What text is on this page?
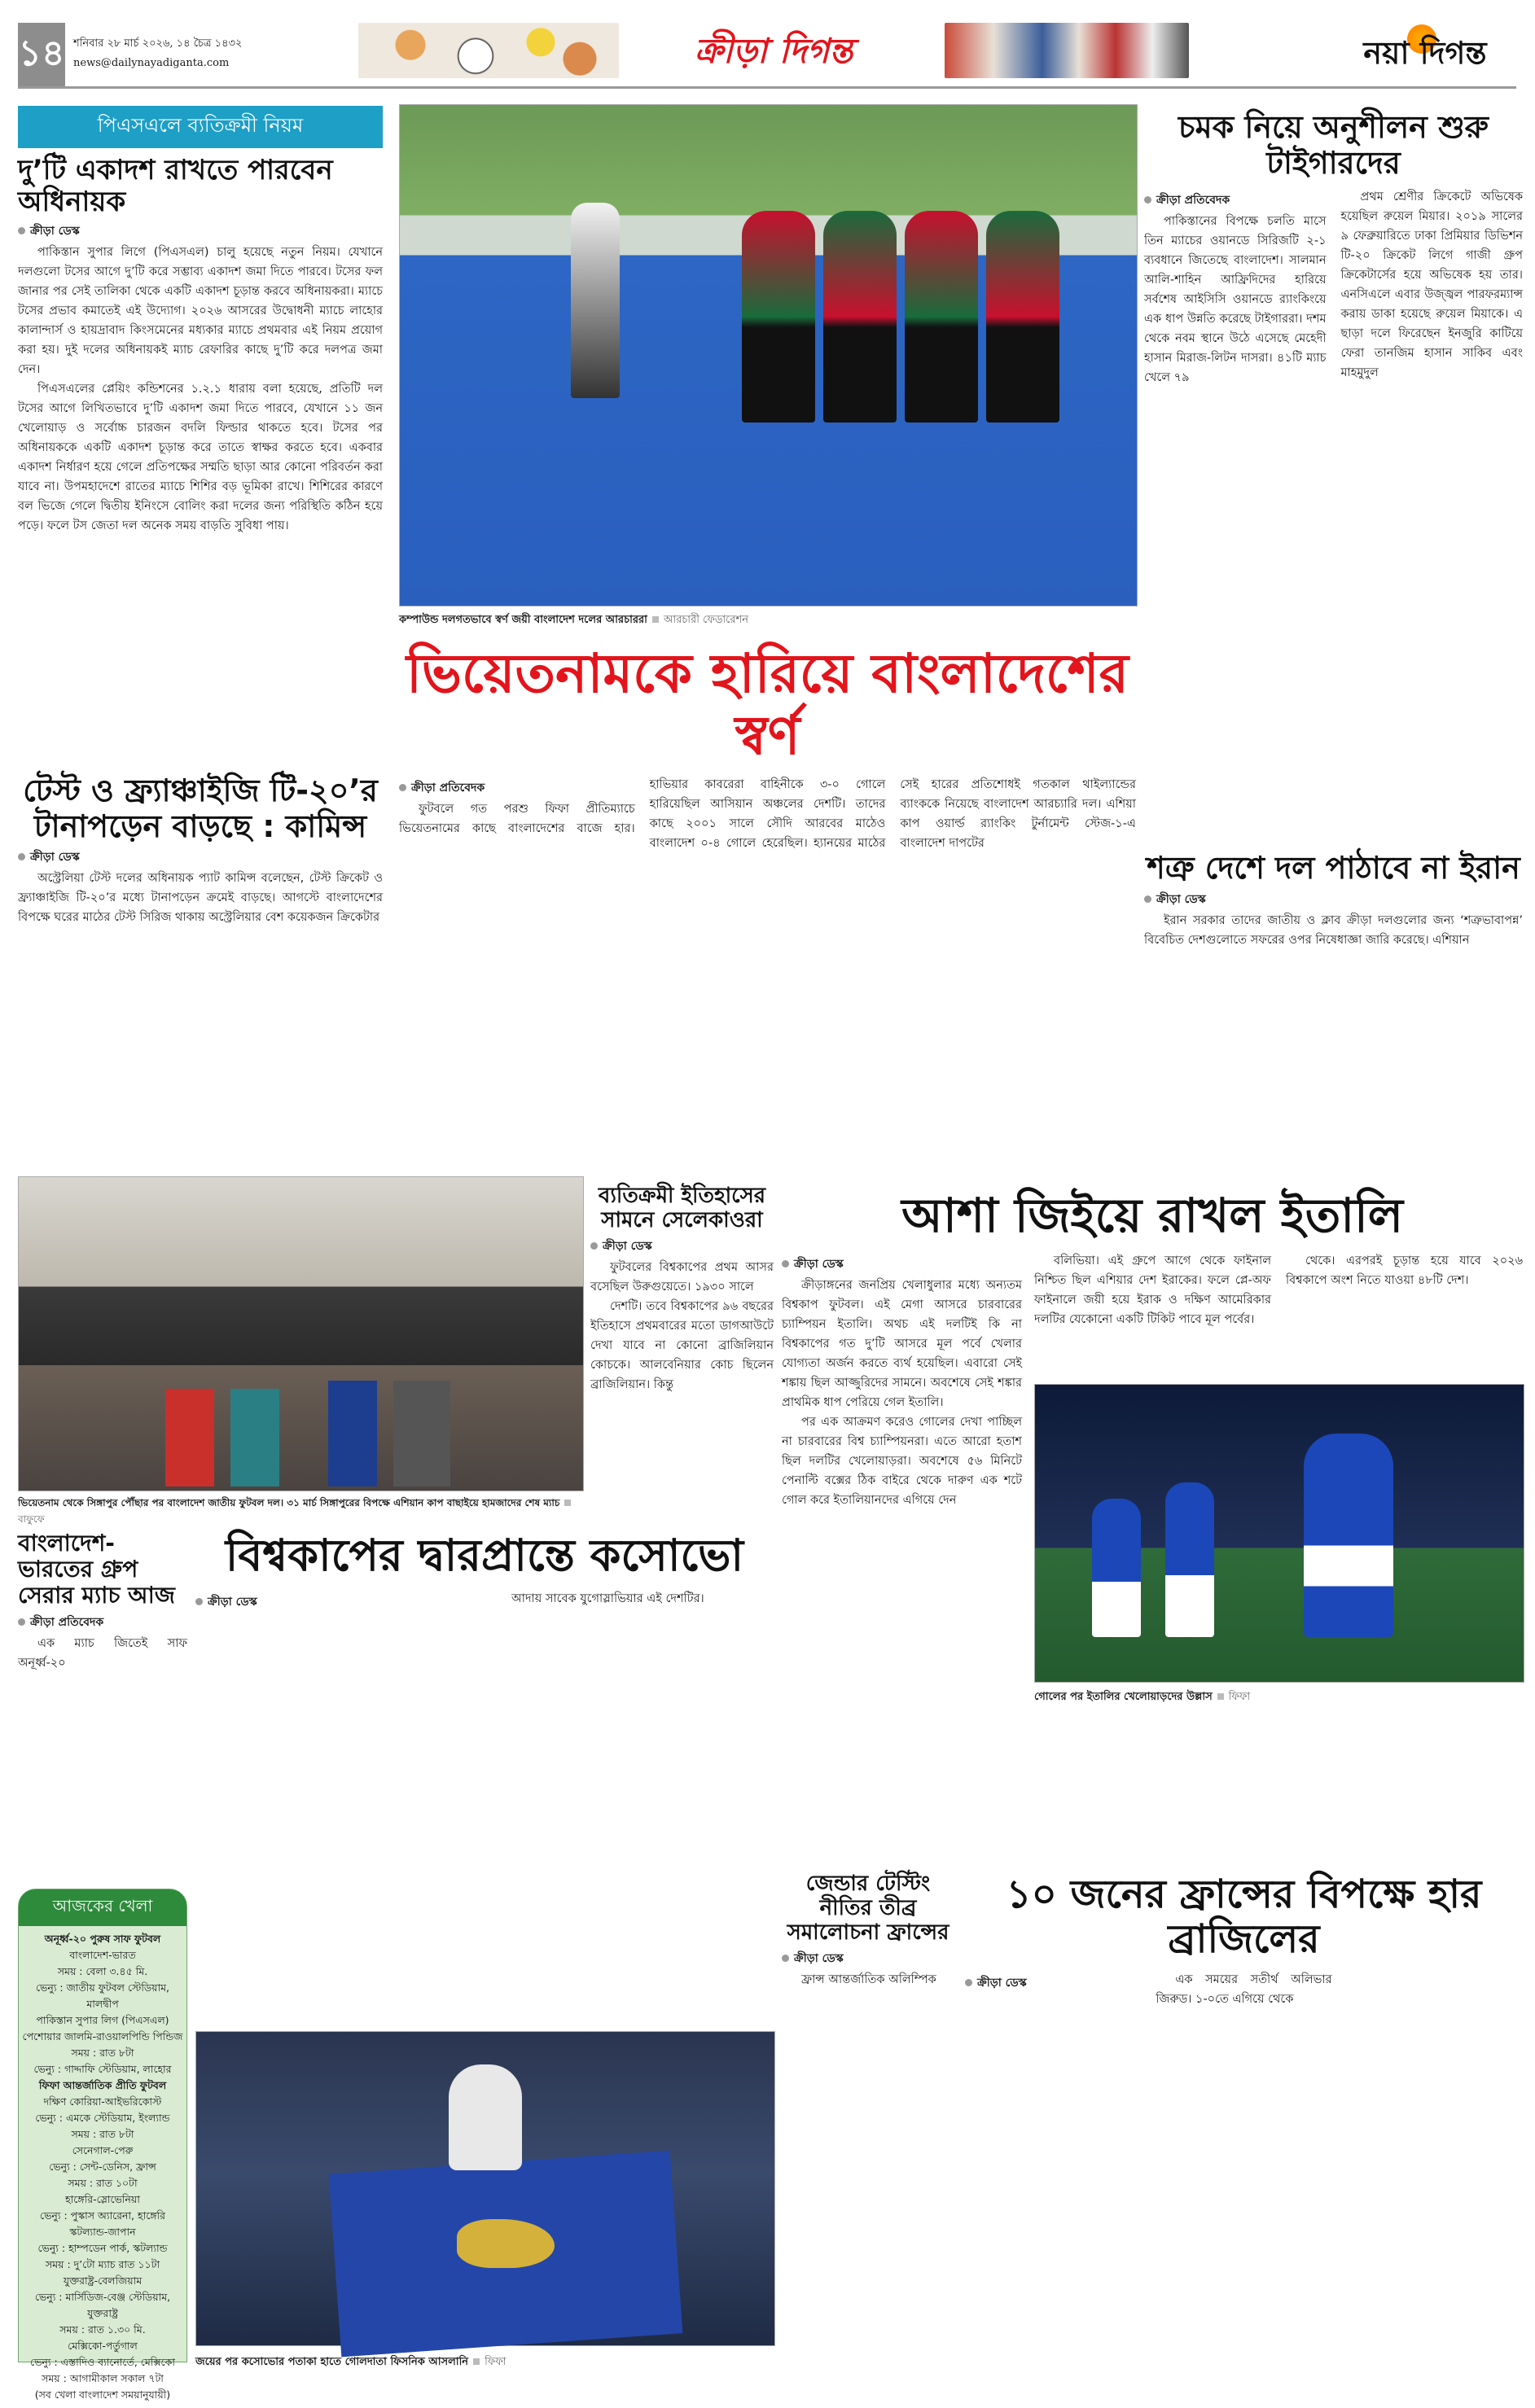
১৪ শনিবার ২৮ মার্চ ২০২৬, ১৪ চৈত্র ১৪৩২
news@dailynayadiganta.com	ক্রীড়া দিগন্ত	নয়া দিগন্ত
পিএসএলে ব্যতিক্রমী নিয়ম
দু’টি একাদশ রাখতে পারবেন অধিনায়ক
ক্রীড়া ডেস্ক

পাকিস্তান সুপার লিগে (পিএসএল) চালু হয়েছে নতুন নিয়ম। যেখানে দলগুলো টসের আগে দু’টি করে সম্ভাব্য একাদশ জমা দিতে পারবে। টসের ফল জানার পর সেই তালিকা থেকে একটি একাদশ চূড়ান্ত করবে অধিনায়করা। ম্যাচে টসের প্রভাব কমাতেই এই উদ্যোগ। ২০২৬ আসরের উদ্বোধনী ম্যাচে লাহোর কালান্দার্স ও হায়দ্রাবাদ কিংসমেনের মধ্যকার ম্যাচে প্রথমবার এই নিয়ম প্রয়োগ করা হয়। দুই দলের অধিনায়কই ম্যাচ রেফারির কাছে দু’টি করে দলপত্র জমা দেন।

পিএসএলের প্লেয়িং কন্ডিশনের ১.২.১ ধারায় বলা হয়েছে, প্রতিটি দল টসের আগে লিখিতভাবে দু’টি একাদশ জমা দিতে পারবে, যেখানে ১১ জন খেলোয়াড় ও সর্বোচ্চ চারজন বদলি ফিল্ডার থাকতে হবে। টসের পর অধিনায়ককে একটি একাদশ চূড়ান্ত করে তাতে স্বাক্ষর করতে হবে। একবার একাদশ নির্ধারণ হয়ে গেলে প্রতিপক্ষের সম্মতি ছাড়া আর কোনো পরিবর্তন করা যাবে না। উপমহাদেশে রাতের ম্যাচে শিশির বড় ভূমিকা রাখে। শিশিরের কারণে বল ভিজে গেলে দ্বিতীয় ইনিংসে বোলিং করা দলের জন্য পরিস্থিতি কঠিন হয়ে পড়ে। ফলে টস জেতা দল অনেক সময় বাড়তি সুবিধা পায়।

টেস্ট ও ফ্র্যাঞ্চাইজি টি-২০’র টানাপড়েন বাড়ছে : কামিন্স
ক্রীড়া ডেস্ক

অস্ট্রেলিয়া টেস্ট দলের অধিনায়ক প্যাট কামিন্স বলেছেন, টেস্ট ক্রিকেট ও ফ্র্যাঞ্চাইজি টি-২০’র মধ্যে টানাপড়েন ক্রমেই বাড়ছে। আগস্টে বাংলাদেশের বিপক্ষে ঘরের মাঠের টেস্ট সিরিজ থাকায় অস্ট্রেলিয়ার বেশ কয়েকজন ক্রিকেটার

কম্পাউন্ড দলগতভাবে স্বর্ণ জয়ী বাংলাদেশ দলের আরচাররা আরচারী ফেডারেশন
ভিয়েতনামকে হারিয়ে বাংলাদেশের স্বর্ণ
ক্রীড়া প্রতিবেদক

ফুটবলে গত পরশু ফিফা প্রীতিম্যাচে ভিয়েতনামের কাছে বাংলাদেশের বাজে হার। হাভিয়ার কাবরেরা বাহিনীকে ৩-০ গোলে হারিয়েছিল আসিয়ান অঞ্চলের দেশটি। তাদের কাছে ২০০১ সালে সৌদি আরবের মাঠেও বাংলাদেশ ০-৪ গোলে হেরেছিল। হ্যানয়ের মাঠের সেই হারের প্রতিশোধই গতকাল থাইল্যান্ডের ব্যাংককে নিয়েছে বাংলাদেশ আরচ্যারি দল। এশিয়া কাপ ওয়ার্ল্ড র‍্যাংকিং টুর্নামেন্ট স্টেজ-১-এ বাংলাদেশ দাপটের

চমক নিয়ে অনুশীলন শুরু টাইগারদের
ক্রীড়া প্রতিবেদক

পাকিস্তানের বিপক্ষে চলতি মাসে তিন ম্যাচের ওয়ানডে সিরিজটি ২-১ ব্যবধানে জিতেছে বাংলাদেশ। সালমান আলি-শাহিন আফ্রিদিদের হারিয়ে সর্বশেষ আইসিসি ওয়ানডে র‍্যাংকিংয়ে এক ধাপ উন্নতি করেছে টাইগাররা। দশম থেকে নবম স্থানে উঠে এসেছে মেহেদী হাসান মিরাজ-লিটন দাসরা। ৪১টি ম্যাচ খেলে ৭৯

প্রথম শ্রেণীর ক্রিকেটে অভিষেক হয়েছিল রুয়েল মিয়ার। ২০১৯ সালের ৯ ফেব্রুয়ারিতে ঢাকা প্রিমিয়ার ডিভিশন টি-২০ ক্রিকেট লিগে গাজী গ্রুপ ক্রিকেটার্সের হয়ে অভিষেক হয় তার। এনসিএলে এবার উজ্জ্বল পারফরম্যান্স করায় ডাকা হয়েছে রুয়েল মিয়াকে। এ ছাড়া দলে ফিরেছেন ইনজুরি কাটিয়ে ফেরা তানজিম হাসান সাকিব এবং মাহমুদুল

শত্রু দেশে দল পাঠাবে না ইরান
ক্রীড়া ডেস্ক

ইরান সরকার তাদের জাতীয় ও ক্লাব ক্রীড়া দলগুলোর জন্য ‘শত্রুভাবাপন্ন’ বিবেচিত দেশগুলোতে সফরের ওপর নিষেধাজ্ঞা জারি করেছে। এশিয়ান

ভিয়েতনাম থেকে সিঙ্গাপুর পৌঁছার পর বাংলাদেশ জাতীয় ফুটবল দল। ৩১ মার্চ সিঙ্গাপুরের বিপক্ষে এশিয়ান কাপ বাছাইয়ে হামজাদের শেষ ম্যাচবাফুফে
ব্যতিক্রমী ইতিহাসের সামনে সেলেকাওরা
ক্রীড়া ডেস্ক

ফুটবলের বিশ্বকাপের প্রথম আসর বসেছিল উরুগুয়েতে। ১৯৩০ সালে

দেশটি। তবে বিশ্বকাপের ৯৬ বছরের ইতিহাসে প্রথমবারের মতো ডাগআউটে দেখা যাবে না কোনো ব্রাজিলিয়ান কোচকে। আলবেনিয়ার কোচ ছিলেন ব্রাজিলিয়ান। কিন্তু

আশা জিইয়ে রাখল ইতালি
ক্রীড়া ডেস্ক

ক্রীড়াঙ্গনের জনপ্রিয় খেলাধুলার মধ্যে অন্যতম বিশ্বকাপ ফুটবল। এই মেগা আসরে চারবারের চ্যাম্পিয়ন ইতালি। অথচ এই দলটিই কি না বিশ্বকাপের গত দু’টি আসরে মূল পর্বে খেলার যোগ্যতা অর্জন করতে ব্যর্থ হয়েছিল। এবারো সেই শঙ্কায় ছিল আজ্জুরিদের সামনে। অবশেষে সেই শঙ্কার প্রাথমিক ধাপ পেরিয়ে গেল ইতালি।

পর এক আক্রমণ করেও গোলের দেখা পাচ্ছিল না চারবারের বিশ্ব চ্যাম্পিয়নরা। এতে আরো হতাশ ছিল দলটির খেলোয়াড়রা। অবশেষে ৫৬ মিনিটে পেনাল্টি বক্সের ঠিক বাইরে থেকে দারুণ এক শটে গোল করে ইতালিয়ানদের এগিয়ে দেন

বলিভিয়া। এই গ্রুপে আগে থেকে ফাইনাল নিশ্চিত ছিল এশিয়ার দেশ ইরাকের। ফলে প্লে-অফ ফাইনালে জয়ী হয়ে ইরাক ও দক্ষিণ আমেরিকার দলটির যেকোনো একটি টিকিট পাবে মূল পর্বের।

থেকে। এরপরই চূড়ান্ত হয়ে যাবে ২০২৬ বিশ্বকাপে অংশ নিতে যাওয়া ৪৮টি দেশ।

গোলের পর ইতালির খেলোয়াড়দের উল্লাস ফিফা
বাংলাদেশ-ভারতের গ্রুপ সেরার ম্যাচ আজ
ক্রীড়া প্রতিবেদক

এক ম্যাচ জিতেই সাফ অনূর্ধ্ব-২০

আজকের খেলা
অনূর্ধ্ব-২০ পুরুষ সাফ ফুটবল
বাংলাদেশ-ভারত
সময় : বেলা ৩.৪৫ মি.
ভেন্যু : জাতীয় ফুটবল স্টেডিয়াম, মালদ্বীপ
পাকিস্তান সুপার লিগ (পিএসএল)
পেশোয়ার জালমি-রাওয়ালপিন্ডি পিন্ডিজ
সময় : রাত ৮টা
ভেন্যু : গাদ্দাফি স্টেডিয়াম, লাহোর
ফিফা আন্তর্জাতিক প্রীতি ফুটবল
দক্ষিণ কোরিয়া-আইভরিকোস্ট
ভেন্যু : এমকে স্টেডিয়াম, ইংল্যান্ড
সময় : রাত ৮টা
সেনেগাল-পেরু
ভেন্যু : সেন্ট-ডেনিস, ফ্রান্স
সময় : রাত ১০টা
হাঙ্গেরি-স্লোভেনিয়া
ভেন্যু : পুস্কাস অ্যারেনা, হাঙ্গেরি
স্কটল্যান্ড-জাপান
ভেন্যু : হাম্পডেন পার্ক, স্কটল্যান্ড
সময় : দু’টো ম্যাচ রাত ১১টা
যুক্তরাষ্ট্র-বেলজিয়াম
ভেন্যু : মার্সিডিজ-বেঞ্জ স্টেডিয়াম, যুক্তরাষ্ট্র
সময় : রাত ১.৩০ মি.
মেক্সিকো-পর্তুগাল
ভেন্যু : এস্তাদিও ব্যানোর্তে, মেক্সিকো
সময় : আগামীকাল সকাল ৭টা
(সব খেলা বাংলাদেশ সময়ানুযায়ী)
বিশ্বকাপের দ্বারপ্রান্তে কসোভো
ক্রীড়া ডেস্ক	আদায় সাবেক যুগোস্লাভিয়ার এই দেশটির।

জয়ের পর কসোভোর পতাকা হাতে গোলদাতা ফিসনিক আসলানি ফিফা
জেন্ডার টেস্টিং নীতির তীব্র সমালোচনা ফ্রান্সের
ক্রীড়া ডেস্ক

ফ্রান্স আন্তর্জাতিক অলিম্পিক

১০ জনের ফ্রান্সের বিপক্ষে হার ব্রাজিলের
ক্রীড়া ডেস্ক	এক সময়ের সতীর্থ অলিভার জিরুড। ১-০তে এগিয়ে থেকে
